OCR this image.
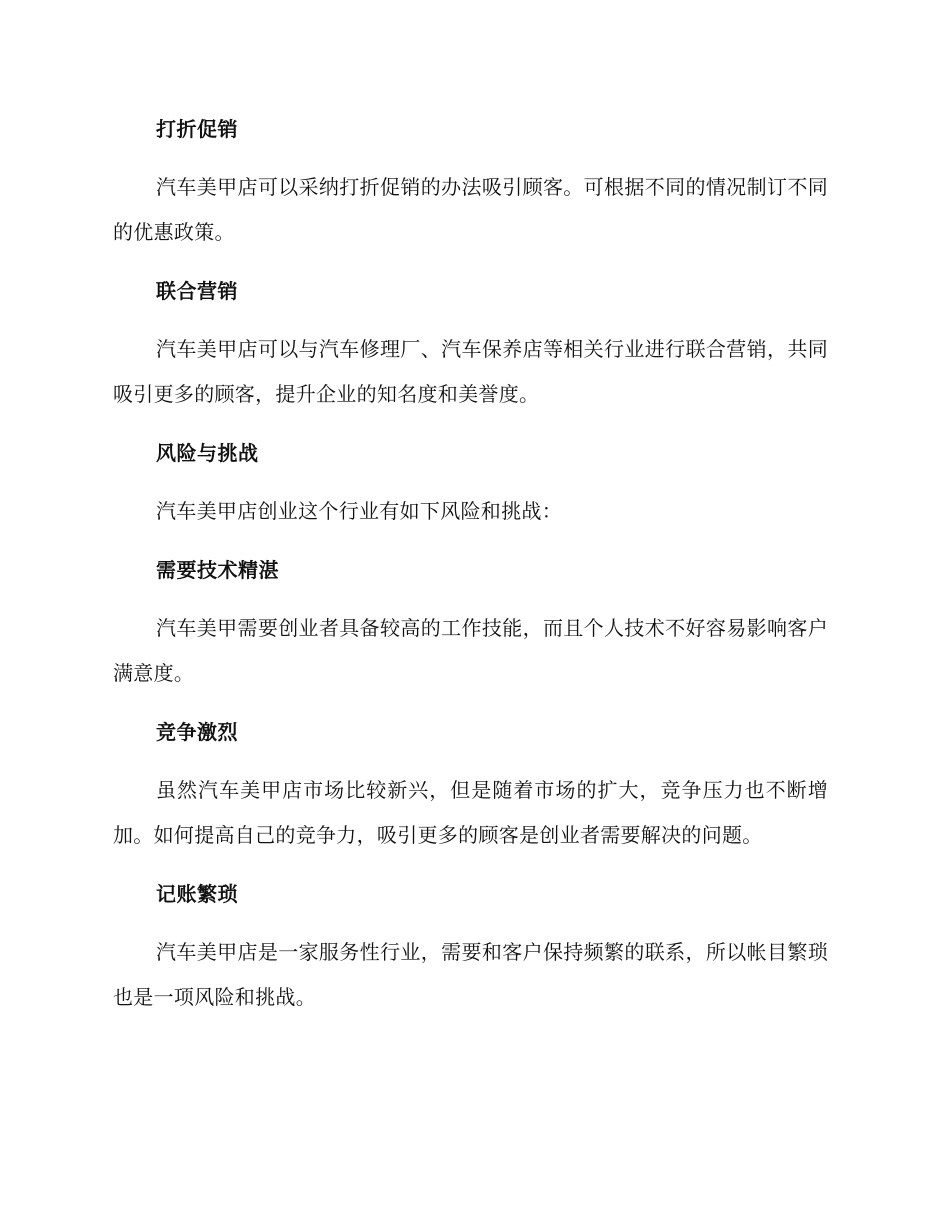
打折促销

汽车美甲店可以采纳打折促销的办法吸引顾客。可根据不同的情况制订不同的优惠政策。

联合营销

汽车美甲店可以与汽车修理厂、汽车保养店等相关行业进行联合营销，共同吸引更多的顾客，提升企业的知名度和美誉度。

风险与挑战

汽车美甲店创业这个行业有如下风险和挑战：

需要技术精湛

汽车美甲需要创业者具备较高的工作技能，而且个人技术不好容易影响客户满意度。

竞争激烈

虽然汽车美甲店市场比较新兴，但是随着市场的扩大，竞争压力也不断增加。如何提高自己的竞争力，吸引更多的顾客是创业者需要解决的问题。

记账繁琐

汽车美甲店是一家服务性行业，需要和客户保持频繁的联系，所以帐目繁琐也是一项风险和挑战。
